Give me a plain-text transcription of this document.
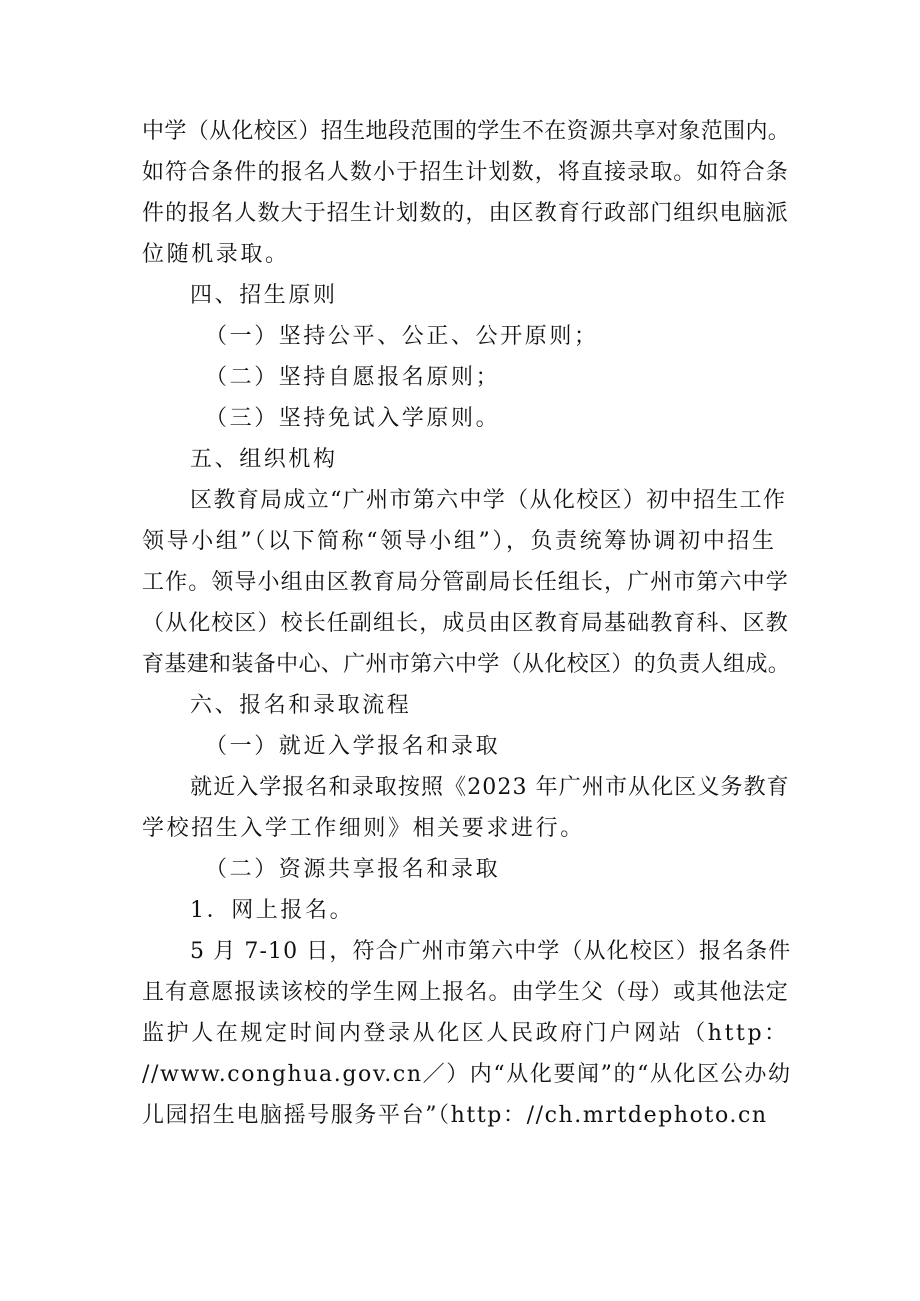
中学（从化校区）招生地段范围的学生不在资源共享对象范围内。
如符合条件的报名人数小于招生计划数，将直接录取。如符合条
件的报名人数大于招生计划数的，由区教育行政部门组织电脑派
位随机录取。
四、招生原则
（一）坚持公平、公正、公开原则；
（二）坚持自愿报名原则；
（三）坚持免试入学原则。
五、组织机构
区教育局成立“广州市第六中学（从化校区）初中招生工作
领导小组”（以下简称“领导小组”），负责统筹协调初中招生
工作。领导小组由区教育局分管副局长任组长，广州市第六中学
（从化校区）校长任副组长，成员由区教育局基础教育科、区教
育基建和装备中心、广州市第六中学（从化校区）的负责人组成。
六、报名和录取流程
（一）就近入学报名和录取
就近入学报名和录取按照《2023 年广州市从化区义务教育
学校招生入学工作细则》相关要求进行。
（二）资源共享报名和录取
1．网上报名。
5 月 7-10 日，符合广州市第六中学（从化校区）报名条件
且有意愿报读该校的学生网上报名。由学生父（母）或其他法定
监护人在规定时间内登录从化区人民政府门户网站（http：
//www.conghua.gov.cn／）内“从化要闻”的“从化区公办幼
儿园招生电脑摇号服务平台”（http：//ch.mrtdephoto.cn
